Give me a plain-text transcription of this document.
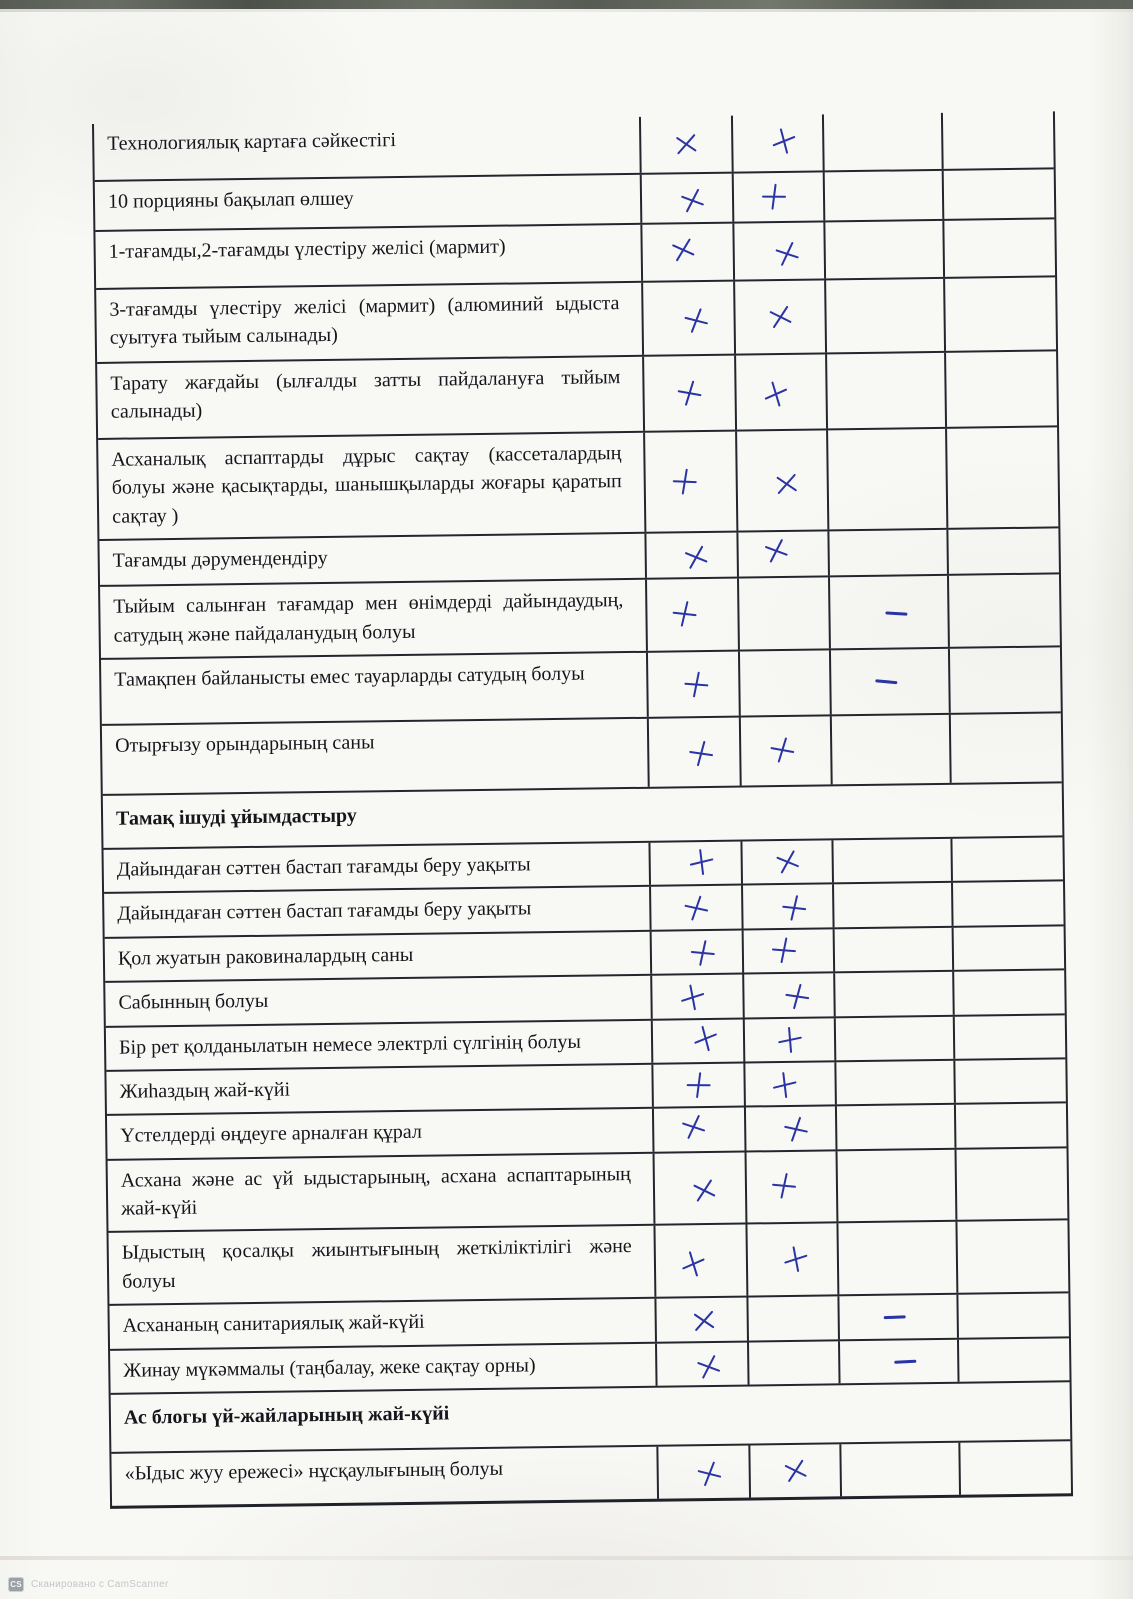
Технологиялық картаға сәйкестігі
10 порцияны бақылап өлшеу
1-тағамды,2-тағамды үлестіру желісі (мармит)
3-тағамды үлестіру желісі (мармит) (алюминий ыдыста суытуға тыйым салынады)
Тарату жағдайы (ылғалды затты пайдалануға тыйым салынады)
Асханалық аспаптарды дұрыс сақтау (кассеталардың болуы және қасықтарды, шанышқыларды жоғары қаратып сақтау )
Тағамды дәрумендендіру
Тыйым салынған тағамдар мен өнімдерді дайындаудың, сатудың және пайдаланудың болуы
Тамақпен байланысты емес тауарларды сатудың болуы
Отырғызу орындарының саны
Тамақ ішуді ұйымдастыру
Дайындаған сәттен бастап тағамды беру уақыты
Дайындаған сәттен бастап тағамды беру уақыты
Қол жуатын раковиналардың саны
Сабынның болуы
Бір рет қолданылатын немесе электрлі сүлгінің болуы
Жиһаздың жай-күйі
Үстелдерді өңдеуге арналған құрал
Асхана және ас үй ыдыстарының, асхана аспаптарының жай-күйі
Ыдыстың қосалқы жиынтығының жеткіліктілігі және болуы
Асхананың санитариялық жай-күйі
Жинау мүкәммалы (таңбалау, жеке сақтау орны)
Ас блогы үй-жайларының жай-күйі
«Ыдыс жуу ережесі» нұсқаулығының болуы
CS Сканировано с CamScanner
